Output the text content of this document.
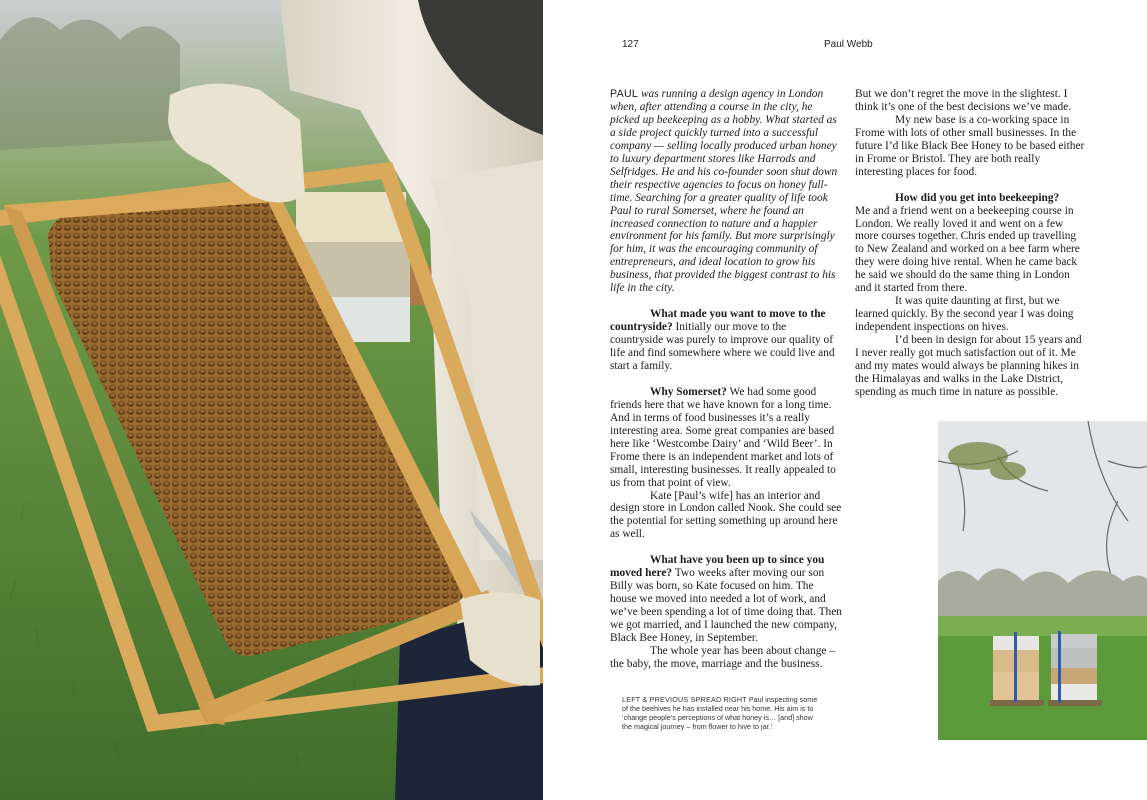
127	Paul Webb

PAUL was running a design agency in London when, after attending a course in the city, he picked up beekeeping as a hobby. What started as a side project quickly turned into a successful company — selling locally produced urban honey to luxury department stores like Harrods and Selfridges. He and his co-founder soon shut down their respective agencies to focus on honey full-time. Searching for a greater quality of life took Paul to rural Somerset, where he found an increased connection to nature and a happier environment for his family. But more surprisingly for him, it was the encouraging community of entrepreneurs, and ideal location to grow his business, that provided the biggest contrast to his life in the city.

What made you want to move to the countryside? Initially our move to the countryside was purely to improve our quality of life and find somewhere where we could live and start a family.

Why Somerset? We had some good friends here that we have known for a long time. And in terms of food businesses it’s a really interesting area. Some great companies are based here like ‘Westcombe Dairy’ and ‘Wild Beer’. In Frome there is an independent market and lots of small, interesting businesses. It really appealed to us from that point of view.

Kate [Paul’s wife] has an interior and design store in London called Nook. She could see the potential for setting something up around here as well.

What have you been up to since you moved here? Two weeks after moving our son Billy was born, so Kate focused on him. The house we moved into needed a lot of work, and we’ve been spending a lot of time doing that. Then we got married, and I launched the new company, Black Bee Honey, in September.

The whole year has been about change – the baby, the move, marriage and the business.

But we don’t regret the move in the slightest. I think it’s one of the best decisions we’ve made.

My new base is a co-working space in Frome with lots of other small businesses. In the future I’d like Black Bee Honey to be based either in Frome or Bristol. They are both really interesting places for food.

How did you get into beekeeping?

Me and a friend went on a beekeeping course in London. We really loved it and went on a few more courses together. Chris ended up travelling to New Zealand and worked on a bee farm where they were doing hive rental. When he came back he said we should do the same thing in London and it started from there.

It was quite daunting at first, but we learned quickly. By the second year I was doing independent inspections on hives.

I’d been in design for about 15 years and I never really got much satisfaction out of it. Me and my mates would always be planning hikes in the Himalayas and walks in the Lake District, spending as much time in nature as possible.

LEFT & PREVIOUS SPREAD RIGHT Paul inspecting some of the beehives he has installed near his home. His aim is to ‘change people’s perceptions of what honey is… [and] show the magical journey – from flower to hive to jar.’
